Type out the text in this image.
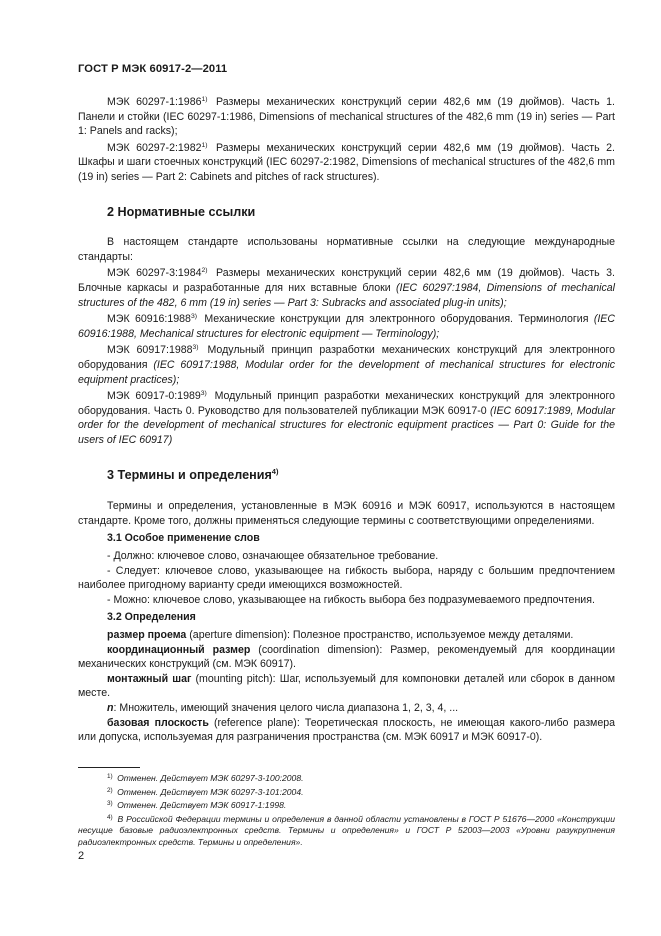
ГОСТ Р МЭК 60917-2—2011

МЭК 60297-1:1986$^{1)}$ Размеры механических конструкций серии 482,6 мм (19 дюймов). Часть 1. Панели и стойки (IEC 60297-1:1986, Dimensions of mechanical structures of the 482,6 mm (19 in) series — Part 1: Panels and racks);

МЭК 60297-2:1982$^{1)}$ Размеры механических конструкций серии 482,6 мм (19 дюймов). Часть 2. Шкафы и шаги стоечных конструкций (IEC 60297-2:1982, Dimensions of mechanical structures of the 482,6 mm (19 in) series — Part 2: Cabinets and pitches of rack structures).

2 Нормативные ссылки

В настоящем стандарте использованы нормативные ссылки на следующие международные стандарты:

МЭК 60297-3:1984$^{2)}$ Размеры механических конструкций серии 482,6 мм (19 дюймов). Часть 3. Блочные каркасы и разработанные для них вставные блоки (IEC 60297:1984, Dimensions of mechanical structures of the 482, 6 mm (19 in) series — Part 3: Subracks and associated plug-in units);

МЭК 60916:1988$^{3)}$ Механические конструкции для электронного оборудования. Терминология (IEC 60916:1988, Mechanical structures for electronic equipment — Terminology);

МЭК 60917:1988$^{3)}$ Модульный принцип разработки механических конструкций для электронного оборудования (IEC 60917:1988, Modular order for the development of mechanical structures for electronic equipment practices);

МЭК 60917-0:1989$^{3)}$ Модульный принцип разработки механических конструкций для электронного оборудования. Часть 0. Руководство для пользователей публикации МЭК 60917-0 (IEC 60917:1989, Modular order for the development of mechanical structures for electronic equipment practices — Part 0: Guide for the users of IEC 60917)

3 Термины и определения$^{4)}$

Термины и определения, установленные в МЭК 60916 и МЭК 60917, используются в настоящем стандарте. Кроме того, должны применяться следующие термины с соответствующими определениями.

3.1 Особое применение слов

- Должно: ключевое слово, означающее обязательное требование.

- Следует: ключевое слово, указывающее на гибкость выбора, наряду с большим предпочтением наиболее пригодному варианту среди имеющихся возможностей.

- Можно: ключевое слово, указывающее на гибкость выбора без подразумеваемого предпочтения.

3.2 Определения

размер проема (aperture dimension): Полезное пространство, используемое между деталями.

координационный размер (coordination dimension): Размер, рекомендуемый для координации механических конструкций (см. МЭК 60917).

монтажный шаг (mounting pitch): Шаг, используемый для компоновки деталей или сборок в данном месте.

n: Множитель, имеющий значения целого числа диапазона 1, 2, 3, 4, ...

базовая плоскость (reference plane): Теоретическая плоскость, не имеющая какого-либо размера или допуска, используемая для разграничения пространства (см. МЭК 60917 и МЭК 60917-0).

$^{1)}$ Отменен. Действует МЭК 60297-3-100:2008.

$^{2)}$ Отменен. Действует МЭК 60297-3-101:2004.

$^{3)}$ Отменен. Действует МЭК 60917-1:1998.

$^{4)}$ В Российской Федерации термины и определения в данной области установлены в ГОСТ Р 51676—2000 «Конструкции несущие базовые радиоэлектронных средств. Термины и определения» и ГОСТ Р 52003—2003 «Уровни разукрупнения радиоэлектронных средств. Термины и определения».

2
